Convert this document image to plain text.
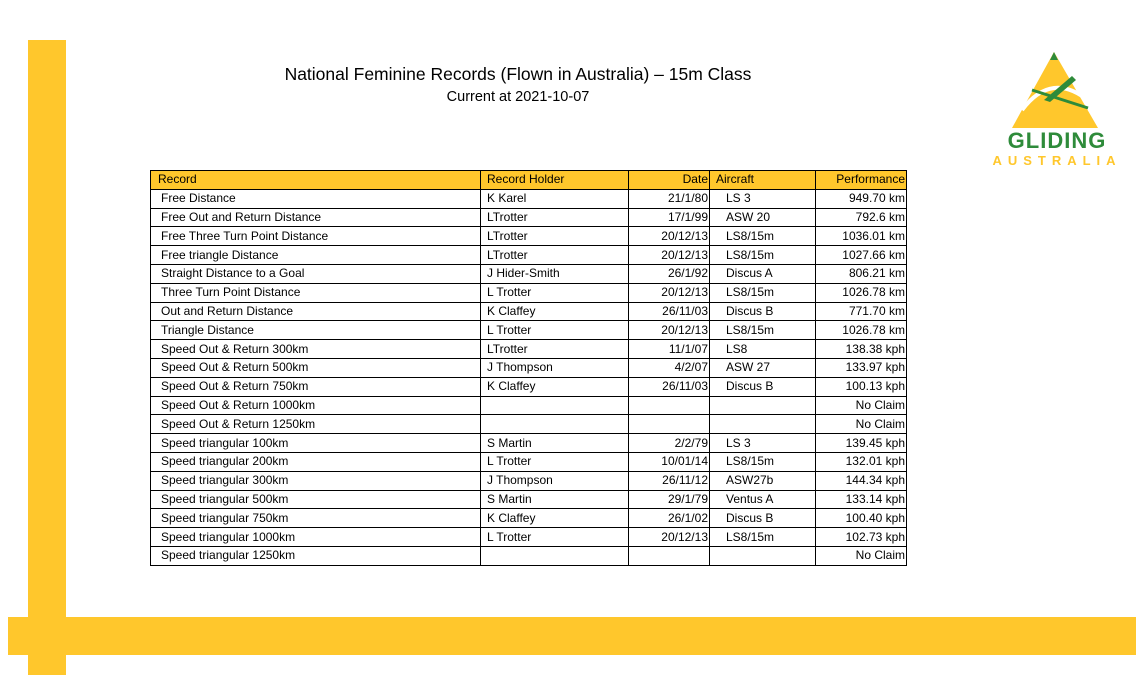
National Feminine Records (Flown in Australia) – 15m Class
Current at 2021-10-07
GLIDING
AUSTRALIA
Record	Record Holder	Date	Aircraft	Performance
Free Distance	K Karel	21/1/80	LS 3	949.70 km
Free Out and Return Distance	LTrotter	17/1/99	ASW 20	792.6 km
Free Three Turn Point Distance	LTrotter	20/12/13	LS8/15m	1036.01 km
Free triangle Distance	LTrotter	20/12/13	LS8/15m	1027.66 km
Straight Distance to a Goal	J Hider-Smith	26/1/92	Discus A	806.21 km
Three Turn Point Distance	L Trotter	20/12/13	LS8/15m	1026.78 km
Out and Return Distance	K Claffey	26/11/03	Discus B	771.70 km
Triangle Distance	L Trotter	20/12/13	LS8/15m	1026.78 km
Speed Out & Return 300km	LTrotter	11/1/07	LS8	138.38 kph
Speed Out & Return 500km	J Thompson	4/2/07	ASW 27	133.97 kph
Speed Out & Return 750km	K Claffey	26/11/03	Discus B	100.13 kph
Speed Out & Return 1000km				No Claim
Speed Out & Return 1250km				No Claim
Speed triangular 100km	S Martin	2/2/79	LS 3	139.45 kph
Speed triangular 200km	L Trotter	10/01/14	LS8/15m	132.01 kph
Speed triangular 300km	J Thompson	26/11/12	ASW27b	144.34 kph
Speed triangular 500km	S Martin	29/1/79	Ventus A	133.14 kph
Speed triangular 750km	K Claffey	26/1/02	Discus B	100.40 kph
Speed triangular 1000km	L Trotter	20/12/13	LS8/15m	102.73 kph
Speed triangular 1250km				No Claim
